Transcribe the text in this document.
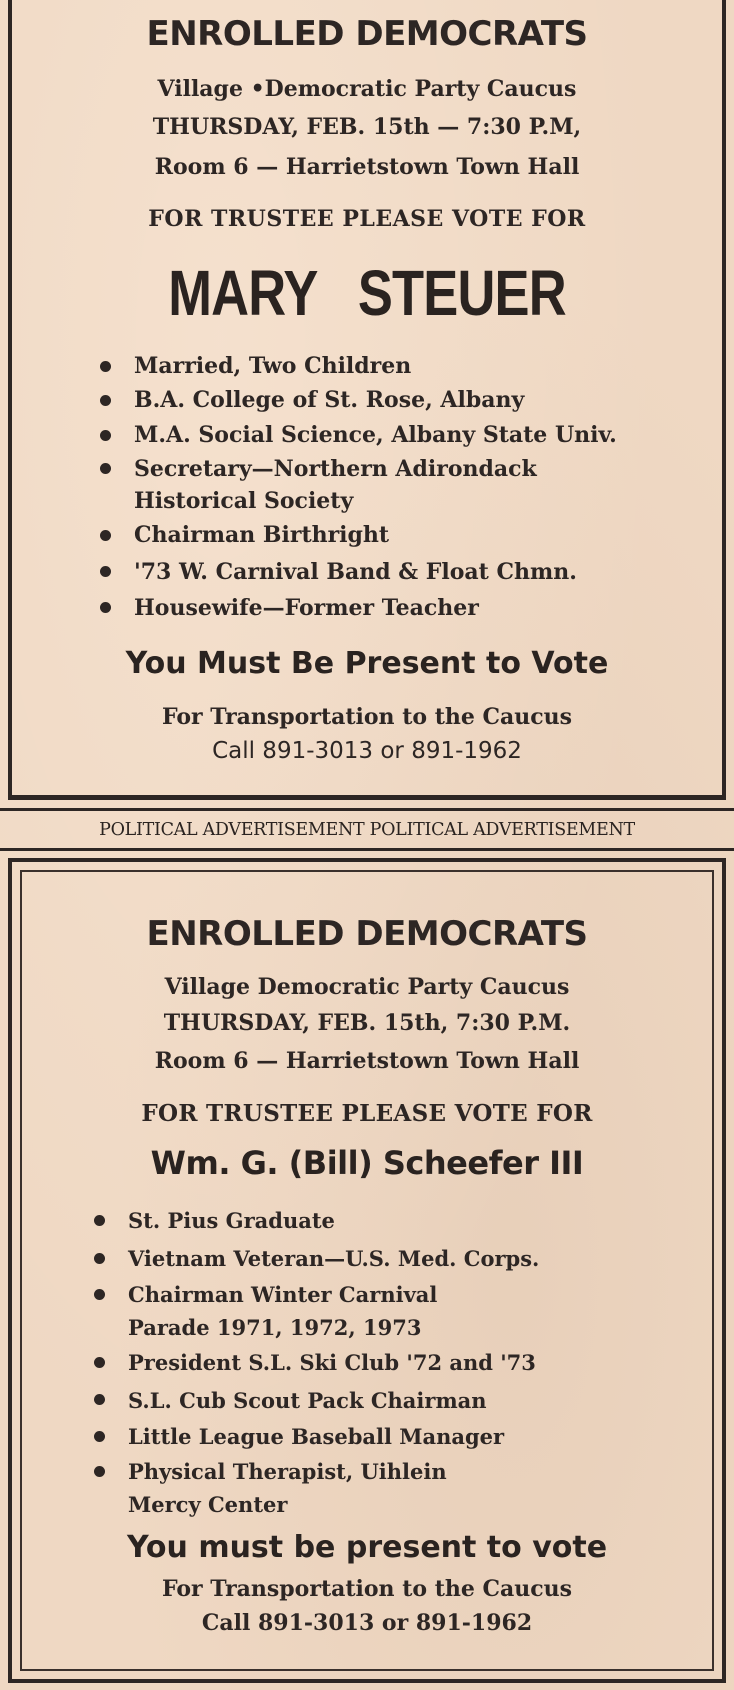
ENROLLED DEMOCRATS
Village •Democratic Party Caucus
THURSDAY, FEB. 15th — 7:30 P.M,
Room 6 — Harrietstown Town Hall
FOR TRUSTEE PLEASE VOTE FOR
MARY   STEUER
Married, Two Children
B.A. College of St. Rose, Albany
M.A. Social Science, Albany State Univ.
Secretary—Northern Adirondack
Historical Society
Chairman Birthright
'73 W. Carnival Band & Float Chmn.
Housewife—Former Teacher
You Must Be Present to Vote
For Transportation to the Caucus
Call 891-3013 or 891-1962
POLITICAL ADVERTISEMENT POLITICAL ADVERTISEMENT
ENROLLED DEMOCRATS
Village Democratic Party Caucus
THURSDAY, FEB. 15th, 7:30 P.M.
Room 6 — Harrietstown Town Hall
FOR TRUSTEE PLEASE VOTE FOR
Wm. G. (Bill) Scheefer III
St. Pius Graduate
Vietnam Veteran—U.S. Med. Corps.
Chairman Winter Carnival
Parade 1971, 1972, 1973
President S.L. Ski Club '72 and '73
S.L. Cub Scout Pack Chairman
Little League Baseball Manager
Physical Therapist, Uihlein
Mercy Center
You must be present to vote
For Transportation to the Caucus
Call 891-3013 or 891-1962
